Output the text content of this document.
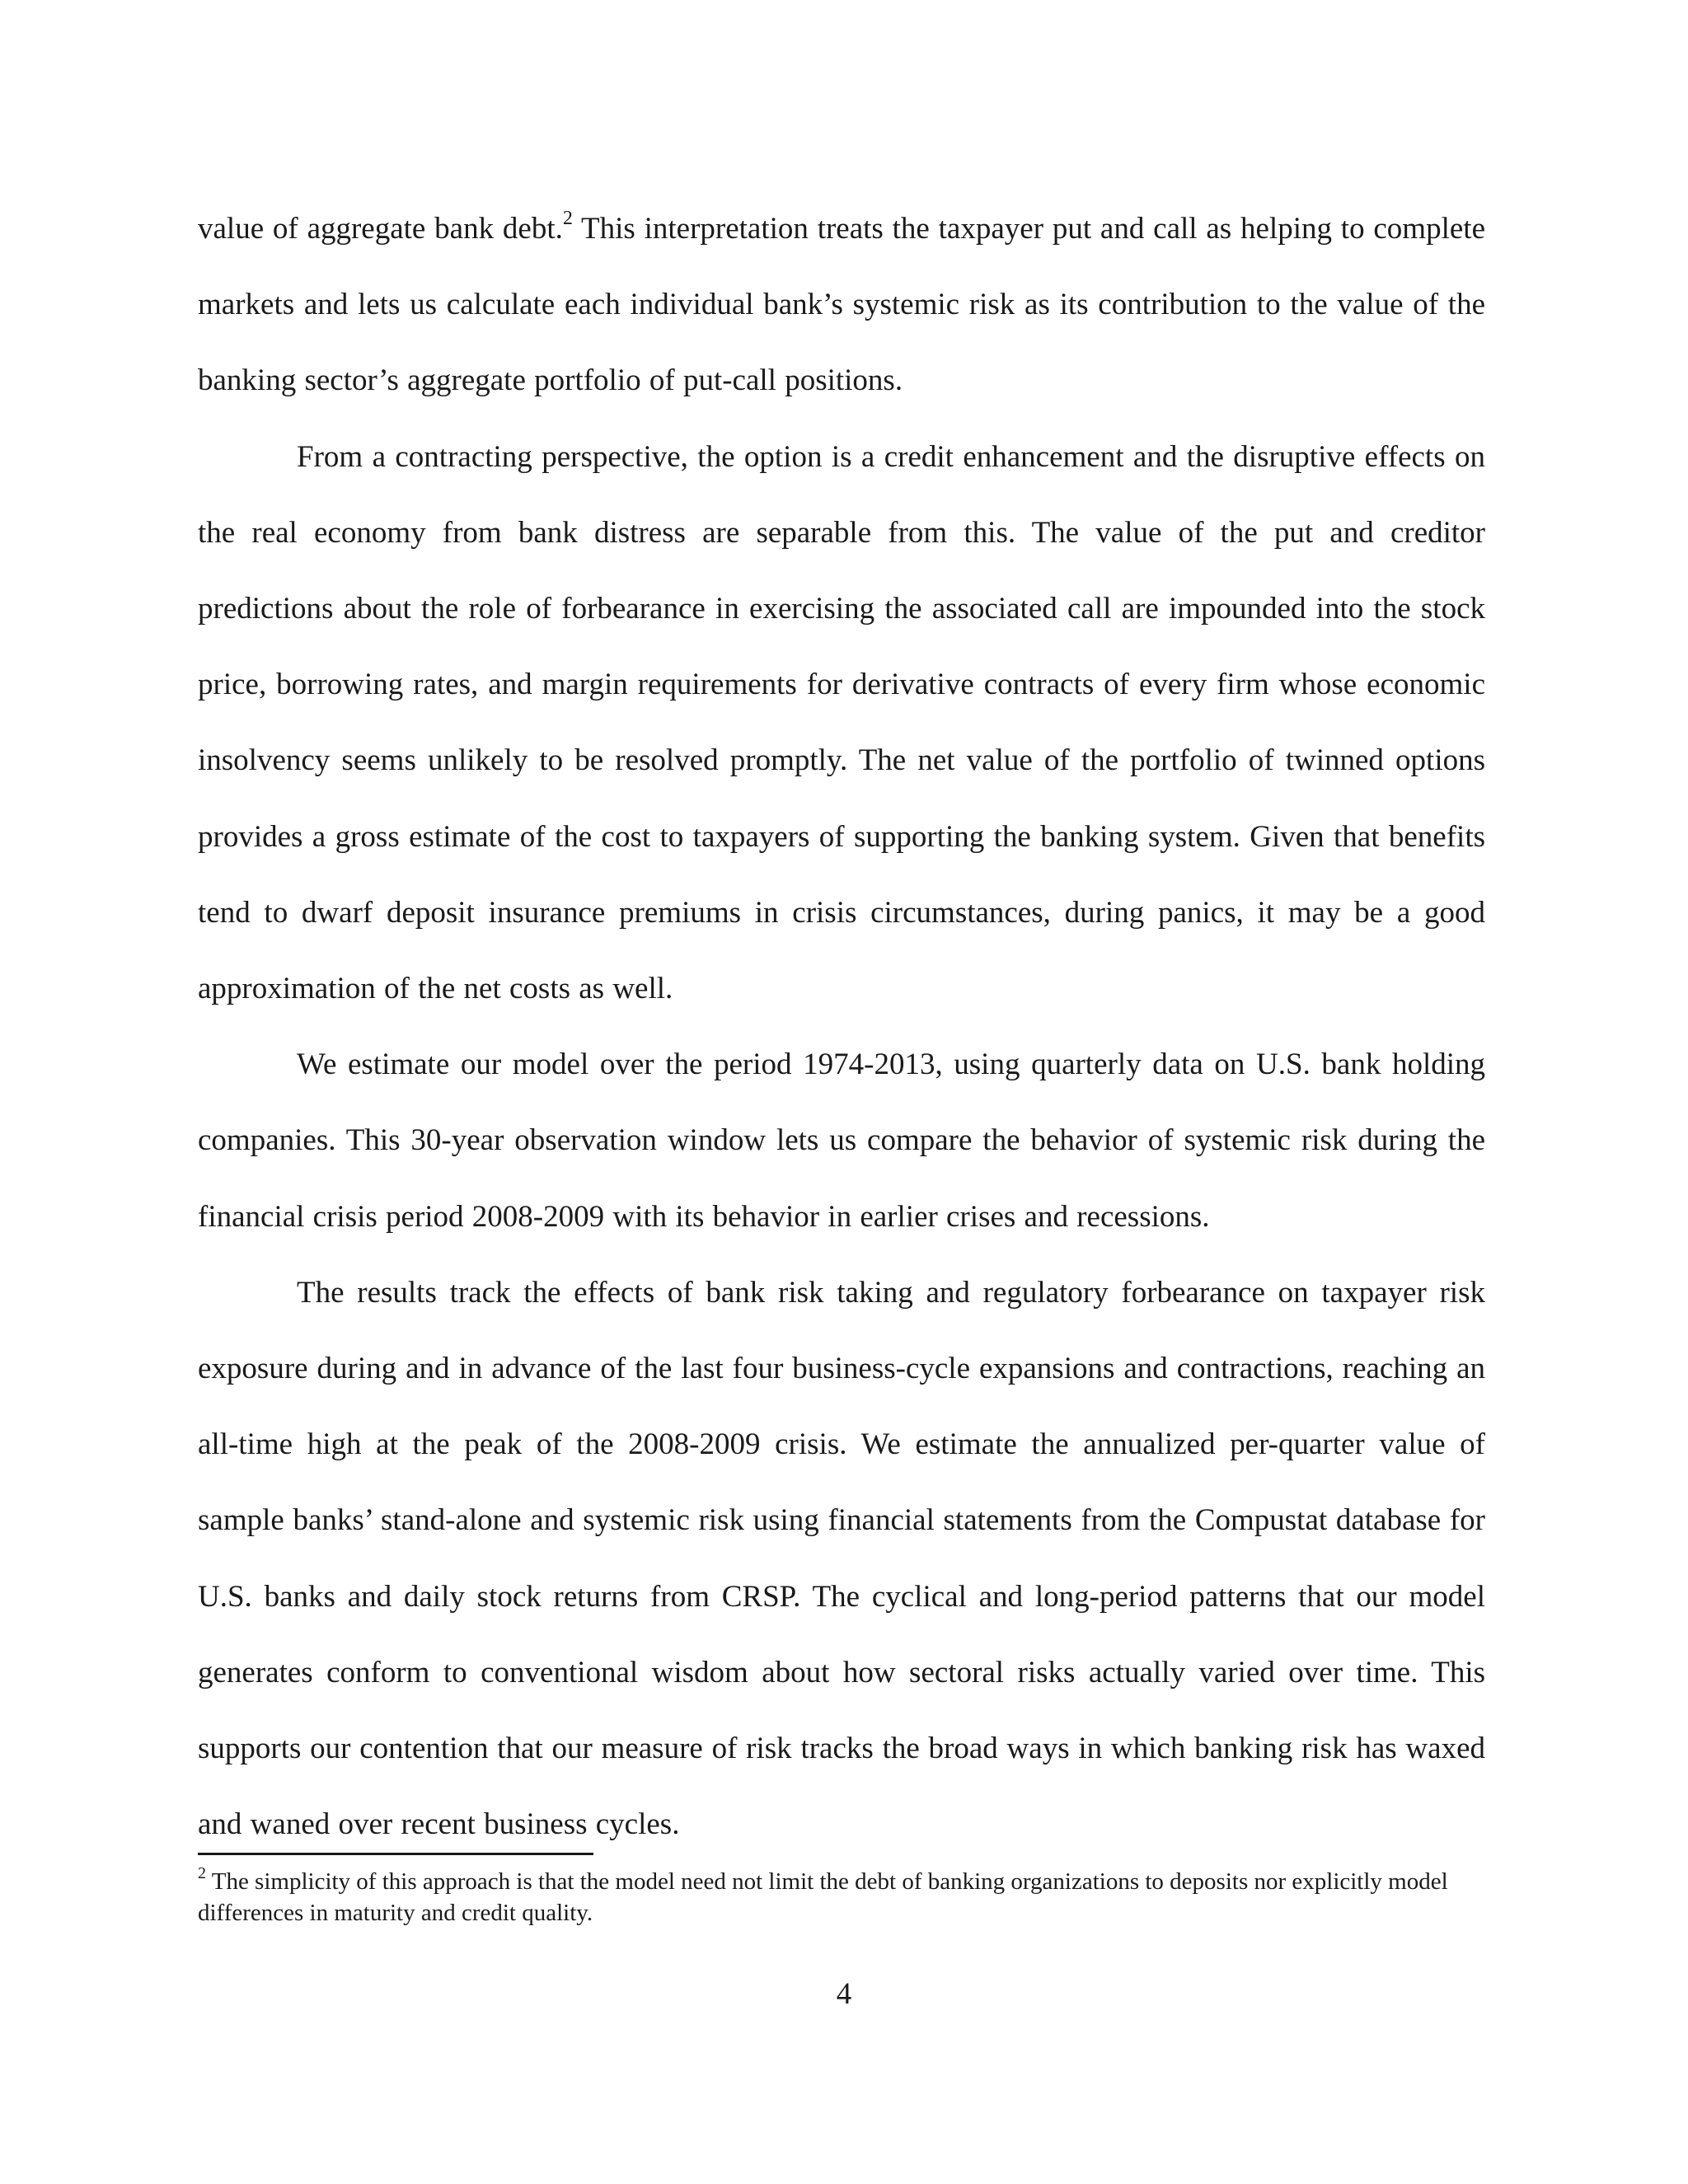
value of aggregate bank debt.$^2$ This interpretation treats the taxpayer put and call as helping to complete markets and lets us calculate each individual bank’s systemic risk as its contribution to the value of the banking sector’s aggregate portfolio of put-call positions.

From a contracting perspective, the option is a credit enhancement and the disruptive effects on the real economy from bank distress are separable from this. The value of the put and creditor predictions about the role of forbearance in exercising the associated call are impounded into the stock price, borrowing rates, and margin requirements for derivative contracts of every firm whose economic insolvency seems unlikely to be resolved promptly. The net value of the portfolio of twinned options provides a gross estimate of the cost to taxpayers of supporting the banking system. Given that benefits tend to dwarf deposit insurance premiums in crisis circumstances, during panics, it may be a good approximation of the net costs as well.

We estimate our model over the period 1974-2013, using quarterly data on U.S. bank holding companies. This 30-year observation window lets us compare the behavior of systemic risk during the financial crisis period 2008-2009 with its behavior in earlier crises and recessions.

The results track the effects of bank risk taking and regulatory forbearance on taxpayer risk exposure during and in advance of the last four business-cycle expansions and contractions, reaching an all-time high at the peak of the 2008-2009 crisis. We estimate the annualized per-quarter value of sample banks’ stand-alone and systemic risk using financial statements from the Compustat database for U.S. banks and daily stock returns from CRSP. The cyclical and long-period patterns that our model generates conform to conventional wisdom about how sectoral risks actually varied over time. This supports our contention that our measure of risk tracks the broad ways in which banking risk has waxed and waned over recent business cycles.

$^2$ The simplicity of this approach is that the model need not limit the debt of banking organizations to deposits nor explicitly model differences in maturity and credit quality.
4
